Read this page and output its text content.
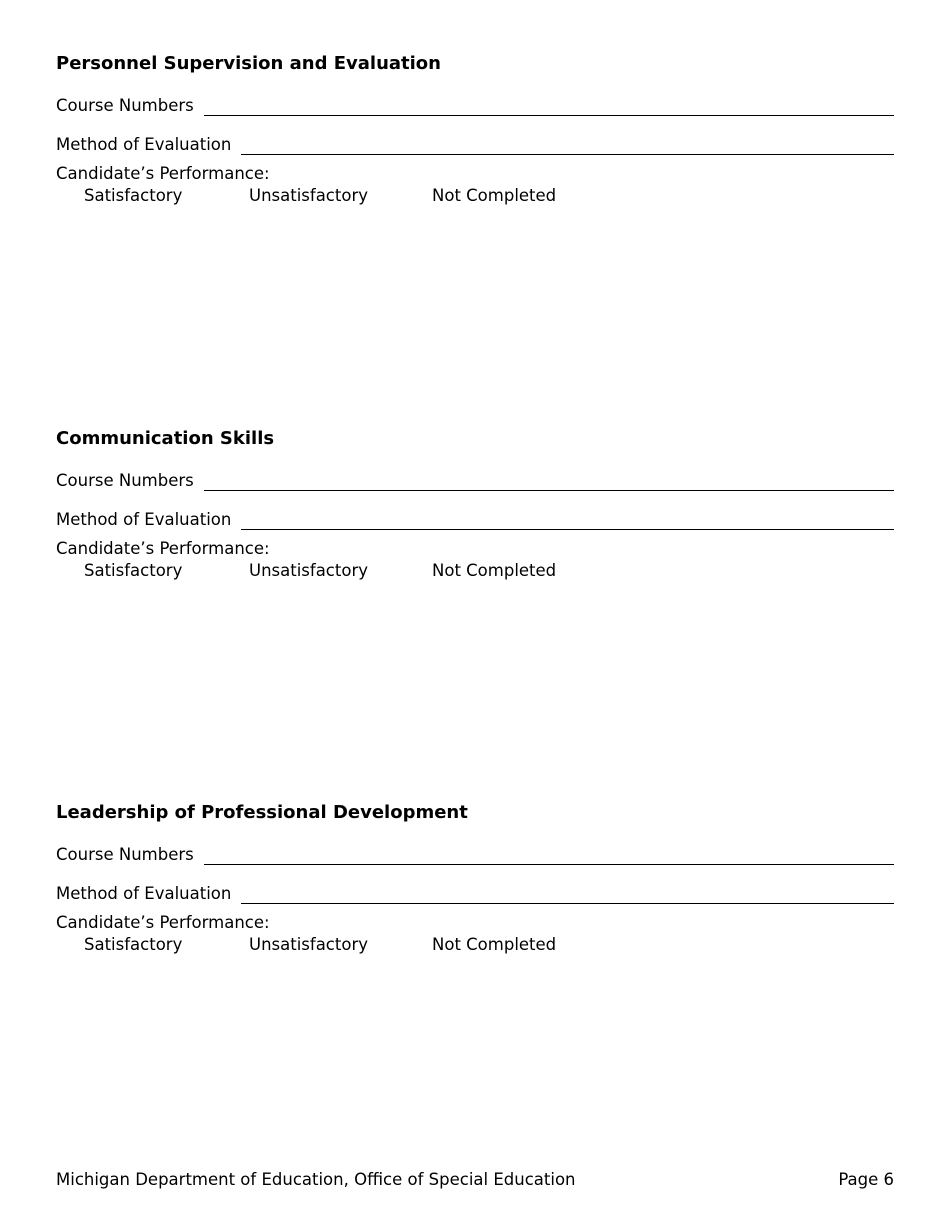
Personnel Supervision and Evaluation
Course Numbers
Method of Evaluation
Candidate’s Performance:
Satisfactory	Unsatisfactory	Not Completed
Communication Skills
Course Numbers
Method of Evaluation
Candidate’s Performance:
Satisfactory	Unsatisfactory	Not Completed
Leadership of Professional Development
Course Numbers
Method of Evaluation
Candidate’s Performance:
Satisfactory	Unsatisfactory	Not Completed
Michigan Department of Education, Office of Special Education	Page 6
